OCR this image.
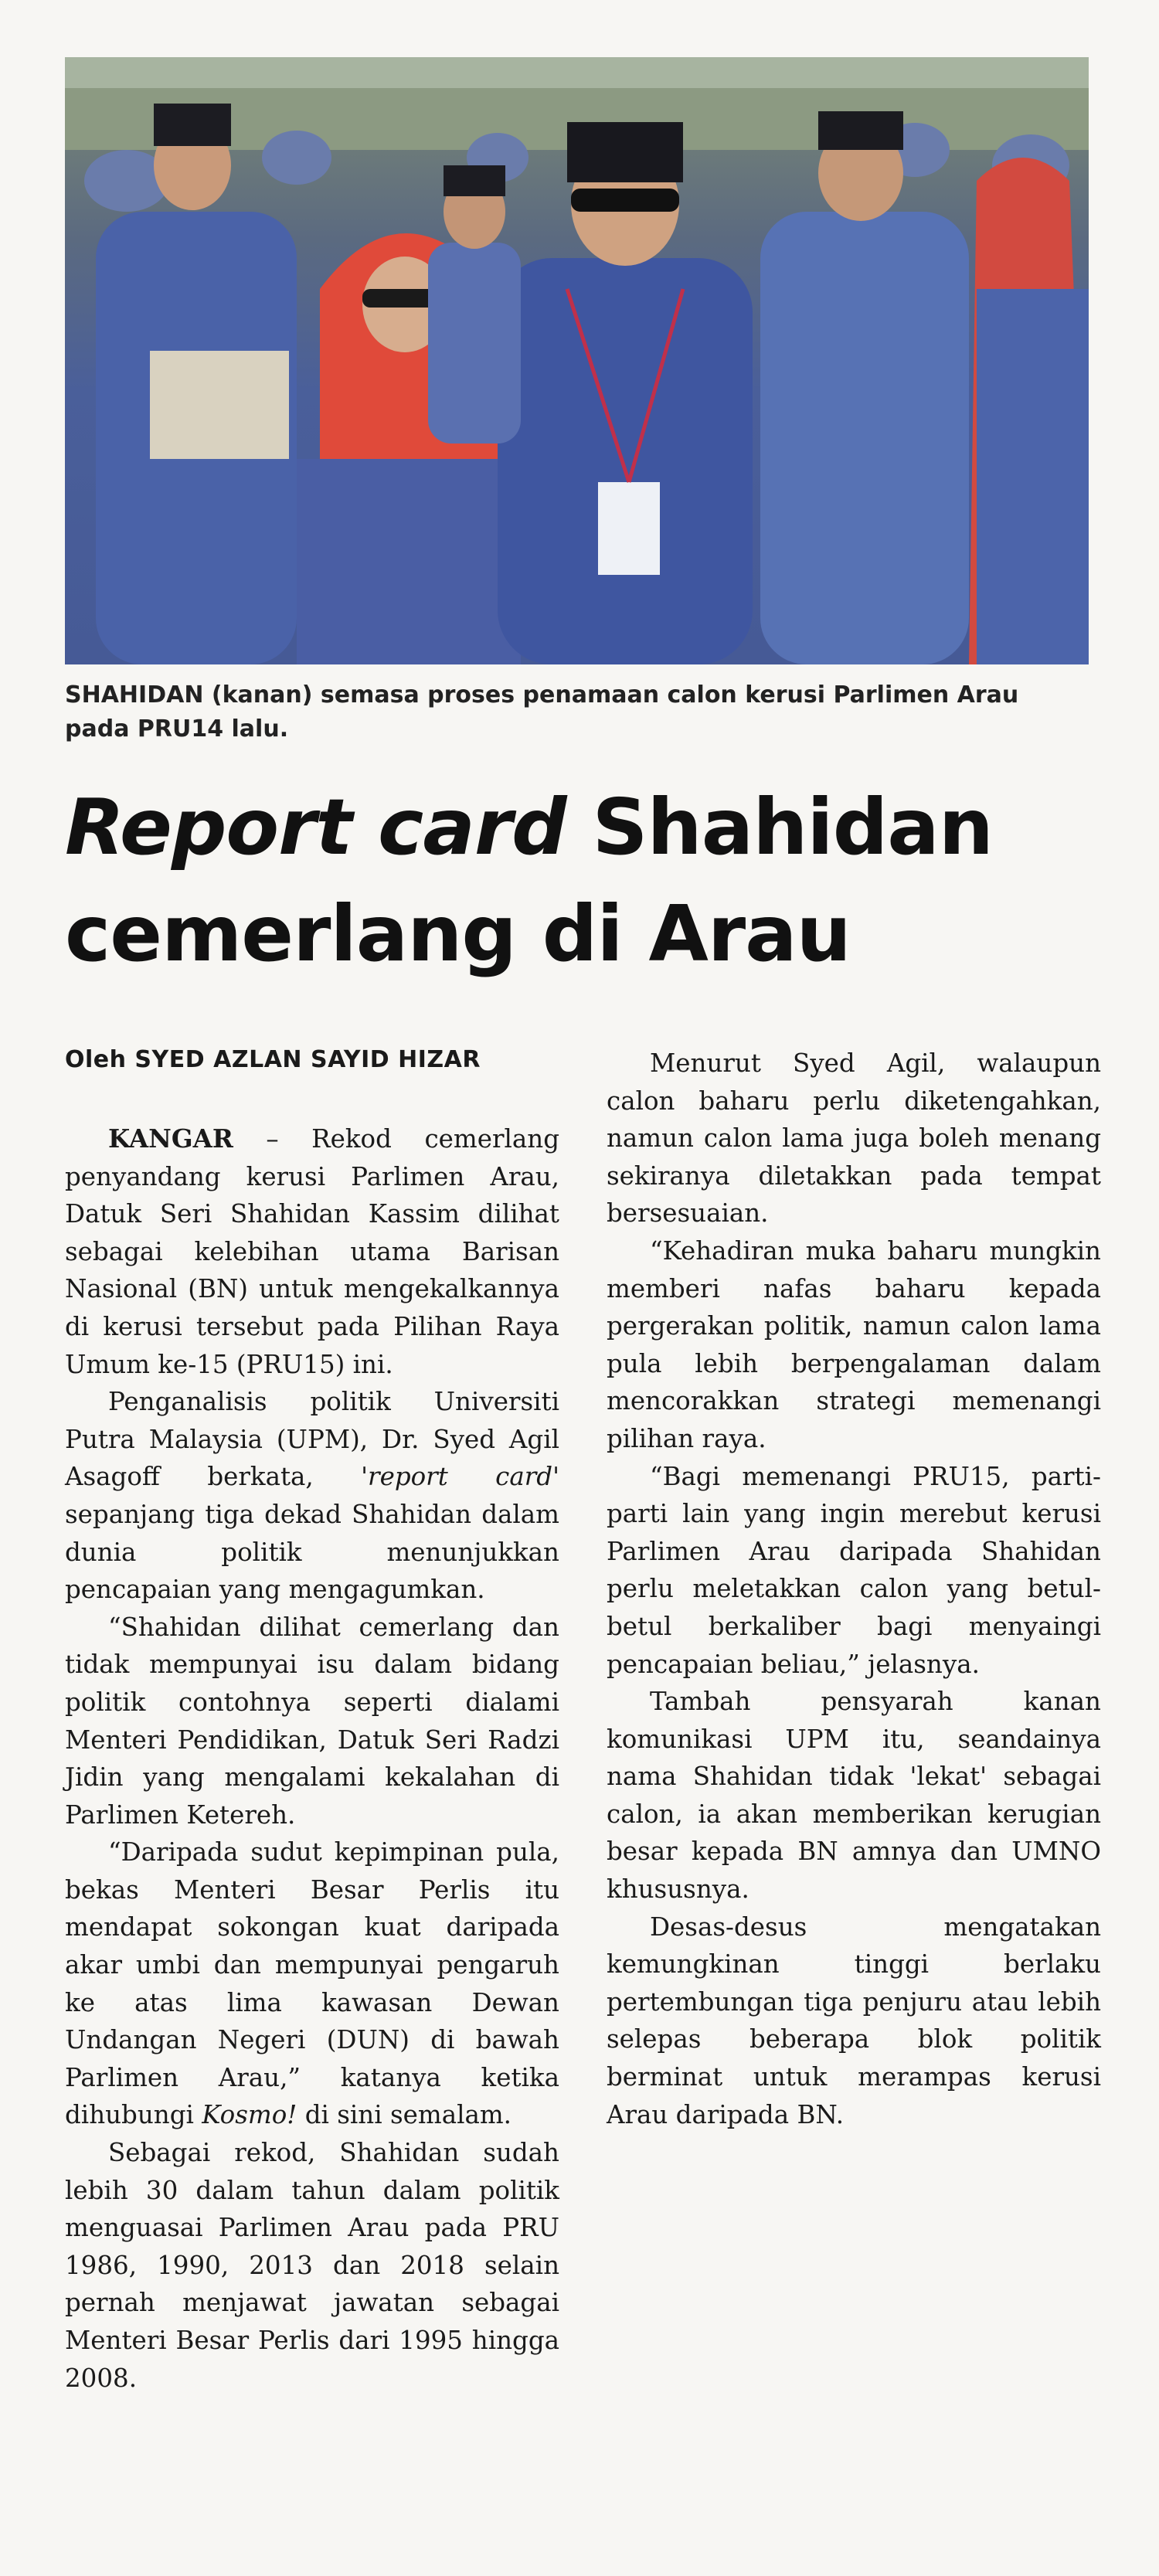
SHAHIDAN (kanan) semasa proses penamaan calon kerusi Parlimen Arau pada PRU14 lalu.
Report card Shahidan
cemerlang di Arau

Oleh SYED AZLAN SAYID HIZAR

KANGAR – Rekod cemerlang penyandang kerusi Parlimen Arau, Datuk Seri Shahidan Kassim dilihat sebagai kelebihan utama Barisan Nasional (BN) untuk mengekalkannya di kerusi tersebut pada Pilihan Raya Umum ke-15 (PRU15) ini.

Penganalisis politik Universiti Putra Malaysia (UPM), Dr. Syed Agil Asagoff berkata, 'report card' sepanjang tiga dekad Shahidan dalam dunia politik menunjukkan pencapaian yang mengagumkan.

“Shahidan dilihat cemerlang dan tidak mempunyai isu dalam bidang politik contohnya seperti dialami Menteri Pendidikan, Datuk Seri Radzi Jidin yang mengalami kekalahan di Parlimen Ketereh.

“Daripada sudut kepimpinan pula, bekas Menteri Besar Perlis itu mendapat sokongan kuat daripada akar umbi dan mempunyai pengaruh ke atas lima kawasan Dewan Undangan Negeri (DUN) di bawah Parlimen Arau,” katanya ketika dihubungi Kosmo! di sini semalam.

Sebagai rekod, Shahidan sudah lebih 30 dalam tahun dalam politik menguasai Parlimen Arau pada PRU 1986, 1990, 2013 dan 2018 selain pernah menjawat jawatan sebagai Menteri Besar Perlis dari 1995 hingga 2008.

Menurut Syed Agil, walaupun calon baharu perlu diketengahkan, namun calon lama juga boleh menang sekiranya diletakkan pada tempat bersesuaian.

“Kehadiran muka baharu mungkin memberi nafas baharu kepada pergerakan politik, namun calon lama pula lebih berpengalaman dalam mencorakkan strategi memenangi pilihan raya.

“Bagi memenangi PRU15, parti-parti lain yang ingin merebut kerusi Parlimen Arau daripada Shahidan perlu meletakkan calon yang betul-betul berkaliber bagi menyaingi pencapaian beliau,” jelasnya.

Tambah pensyarah kanan komunikasi UPM itu, seandainya nama Shahidan tidak 'lekat' sebagai calon, ia akan memberikan kerugian besar kepada BN amnya dan UMNO khususnya.

Desas-desus mengatakan kemungkinan tinggi berlaku pertembungan tiga penjuru atau lebih selepas beberapa blok politik berminat untuk merampas kerusi Arau daripada BN.
